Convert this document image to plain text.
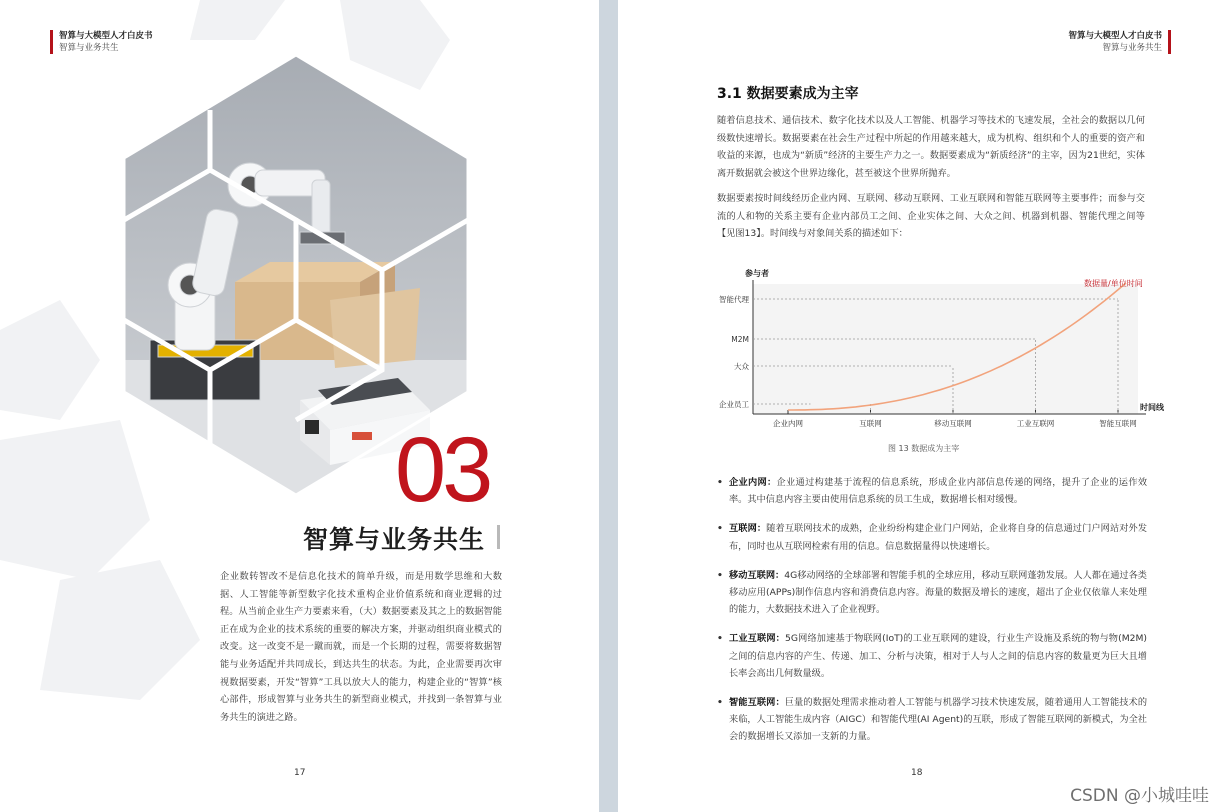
智算与大模型人才白皮书
智算与业务共生
03
智算与业务共生
企业数转智改不是信息化技术的简单升级，而是用数学思维和大数据、人工智能等新型数字化技术重构企业价值系统和商业逻辑的过程。从当前企业生产力要素来看，（大）数据要素及其之上的数据智能正在成为企业的技术系统的重要的解决方案，并驱动组织商业模式的改变。这一改变不是一蹴而就，而是一个长期的过程，需要将数据智能与业务适配并共同成长，到达共生的状态。为此，企业需要再次审视数据要素，开发“智算”工具以放大人的能力，构建企业的“智算”核心部件，形成智算与业务共生的新型商业模式，并找到一条智算与业务共生的演进之路。
17
智算与大模型人才白皮书
智算与业务共生
3.1 数据要素成为主宰
随着信息技术、通信技术、数字化技术以及人工智能、机器学习等技术的飞速发展，全社会的数据以几何级数快速增长。数据要素在社会生产过程中所起的作用越来越大，成为机构、组织和个人的重要的资产和收益的来源，也成为“新质”经济的主要生产力之一。数据要素成为“新质经济”的主宰，因为21世纪，实体离开数据就会被这个世界边缘化，甚至被这个世界所抛弃。
数据要素按时间线经历企业内网、互联网、移动互联网、工业互联网和智能互联网等主要事件；而参与交流的人和物的关系主要有企业内部员工之间、企业实体之间、大众之间、机器到机器、智能代理之间等【见图13】。时间线与对象间关系的描述如下：
企业内网	互联网	移动互联网	工业互联网	智能互联网
企业员工
大众
M2M
智能代理
数据量/单位时间
参与者
时间线
图 13 数据成为主宰
• 企业内网：企业通过构建基于流程的信息系统，形成企业内部信息传递的网络，提升了企业的运作效率。其中信息内容主要由使用信息系统的员工生成，数据增长相对缓慢。
• 互联网：随着互联网技术的成熟，企业纷纷构建企业门户网站，企业将自身的信息通过门户网站对外发布，同时也从互联网检索有用的信息。信息数据量得以快速增长。
• 移动互联网：4G移动网络的全球部署和智能手机的全球应用，移动互联网蓬勃发展。人人都在通过各类移动应用(APPs)制作信息内容和消费信息内容。海量的数据及增长的速度，超出了企业仅依靠人来处理的能力，大数据技术进入了企业视野。
• 工业互联网：5G网络加速基于物联网(IoT)的工业互联网的建设，行业生产设施及系统的物与物(M2M)之间的信息内容的产生、传递、加工、分析与决策，相对于人与人之间的信息内容的数量更为巨大且增长率会高出几何数量级。
• 智能互联网：巨量的数据处理需求推动着人工智能与机器学习技术快速发展，随着通用人工智能技术的来临，人工智能生成内容（AIGC）和智能代理(AI Agent)的互联，形成了智能互联网的新模式，为全社会的数据增长又添加一支新的力量。
18
CSDN @小城哇哇
